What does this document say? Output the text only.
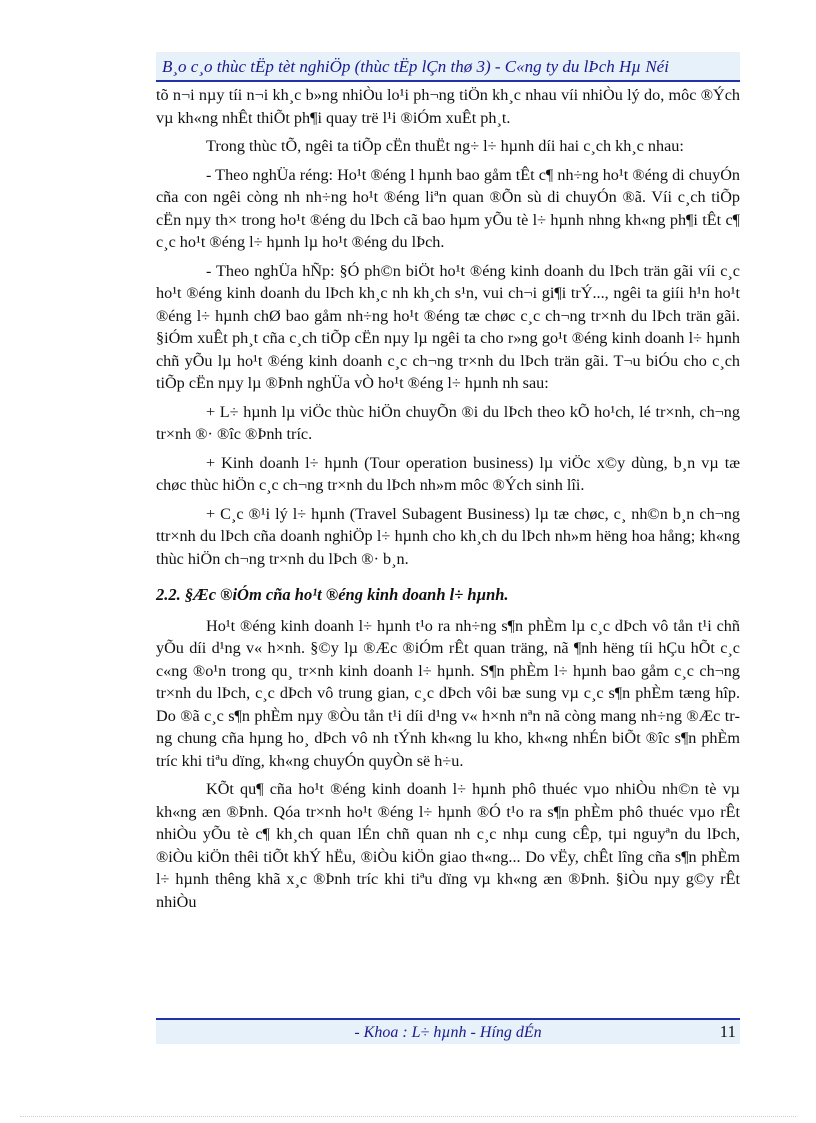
B¸o c¸o thùc tËp tèt nghiÖp (thùc tËp lÇn thø 3) - C«ng ty du lÞch Hµ Néi

tõ n¬i nµy tíi n¬i kh¸c b»ng nhiÒu lo¹i ph¬ng tiÖn kh¸c nhau víi nhiÒu lý do, môc ®Ých vµ kh«ng nhÊt thiÕt ph¶i quay trë l¹i ®iÓm xuÊt ph¸t.

Trong thùc tÕ, ngêi ta tiÕp cËn thuËt ng÷ l÷ hµnh díi hai c¸ch kh¸c nhau:

- Theo nghÜa réng: Ho¹t ®éng l hµnh bao gåm tÊt c¶ nh÷ng ho¹t ®éng di chuyÓn cña con ngêi còng nh nh÷ng ho¹t ®éng liªn quan ®Õn sù di chuyÓn ®ã. Víi c¸ch tiÕp cËn nµy th× trong ho¹t ®éng du lÞch cã bao hµm yÕu tè l÷ hµnh nhng kh«ng ph¶i tÊt c¶ c¸c ho¹t ®éng l÷ hµnh lµ ho¹t ®éng du lÞch.

- Theo nghÜa hÑp: §Ó ph©n biÖt ho¹t ®éng kinh doanh du lÞch trän gãi víi c¸c ho¹t ®éng kinh doanh du lÞch kh¸c nh kh¸ch s¹n, vui ch¬i gi¶i trÝ..., ngêi ta giíi h¹n ho¹t ®éng l÷ hµnh chØ bao gåm nh÷ng ho¹t ®éng tæ chøc c¸c ch¬ng tr×nh du lÞch trän gãi. §iÓm xuÊt ph¸t cña c¸ch tiÕp cËn nµy lµ ngêi ta cho r»ng go¹t ®éng kinh doanh l÷ hµnh chñ yÕu lµ ho¹t ®éng kinh doanh c¸c ch¬ng tr×nh du lÞch trän gãi. T¬u biÓu cho c¸ch tiÕp cËn nµy lµ ®Þnh nghÜa vÒ ho¹t ®éng l÷ hµnh nh sau:

+ L÷ hµnh lµ viÖc thùc hiÖn chuyÕn ®i du lÞch theo kÕ ho¹ch, lé tr×nh, ch¬ng tr×nh ®· ®îc ®Þnh tríc.

+ Kinh doanh l÷ hµnh (Tour operation business) lµ viÖc x©y dùng, b¸n vµ tæ chøc thùc hiÖn c¸c ch¬ng tr×nh du lÞch nh»m môc ®Ých sinh lîi.

+ C¸c ®¹i lý l÷ hµnh (Travel Subagent Business) lµ tæ chøc, c¸ nh©n b¸n ch¬ng ttr×nh du lÞch cña doanh nghiÖp l÷ hµnh cho kh¸ch du lÞch nh»m hëng hoa hång; kh«ng thùc hiÖn ch¬ng tr×nh du lÞch ®· b¸n.

2.2. §Æc ®iÓm cña ho¹t ®éng kinh doanh l÷ hµnh.

Ho¹t ®éng kinh doanh l÷ hµnh t¹o ra nh÷ng s¶n phÈm lµ c¸c dÞch vô tån t¹i chñ yÕu díi d¹ng v« h×nh. §©y lµ ®Æc ®iÓm rÊt quan träng, nã ¶nh hëng tíi hÇu hÕt c¸c c«ng ®o¹n trong qu¸ tr×nh kinh doanh l÷ hµnh. S¶n phÈm l÷ hµnh bao gåm c¸c ch¬ng tr×nh du lÞch, c¸c dÞch vô trung gian, c¸c dÞch vôi bæ sung vµ c¸c s¶n phÈm tæng hîp. Do ®ã c¸c s¶n phÈm nµy ®Òu tån t¹i díi d¹ng v« h×nh nªn nã còng mang nh÷ng ®Æc trng chung cña hµng ho¸ dÞch vô nh tÝnh kh«ng lu kho, kh«ng nhÉn biÕt ®îc s¶n phÈm tríc khi tiªu dïng, kh«ng chuyÓn quyÒn së h÷u.

KÕt qu¶ cña ho¹t ®éng kinh doanh l÷ hµnh phô thuéc vµo nhiÒu nh©n tè vµ kh«ng æn ®Þnh. Qóa tr×nh ho¹t ®éng l÷ hµnh ®Ó t¹o ra s¶n phÈm phô thuéc vµo rÊt nhiÒu yÕu tè c¶ kh¸ch quan lÉn chñ quan nh c¸c nhµ cung cÊp, tµi nguyªn du lÞch, ®iÒu kiÖn thêi tiÕt khÝ hËu, ®iÒu kiÖn giao th«ng... Do vËy, chÊt lîng cña s¶n phÈm l÷ hµnh thêng khã x¸c ®Þnh tríc khi tiªu dïng vµ kh«ng æn ®Þnh. §iÒu nµy g©y rÊt nhiÒu

- Khoa : L÷ hµnh - Híng dÉn	11
